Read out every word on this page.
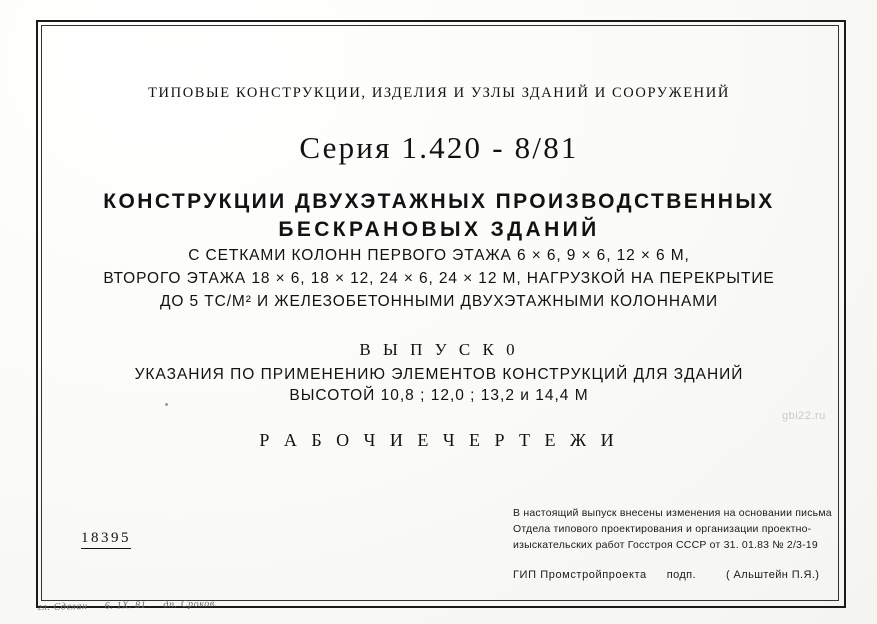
ТИПОВЫЕ КОНСТРУКЦИИ, ИЗДЕЛИЯ И УЗЛЫ ЗДАНИЙ И СООРУЖЕНИЙ
Серия 1.420 - 8/81
КОНСТРУКЦИИ ДВУХЭТАЖНЫХ ПРОИЗВОДСТВЕННЫХ
БЕСКРАНОВЫХ ЗДАНИЙ
С СЕТКАМИ КОЛОНН ПЕРВОГО ЭТАЖА 6 × 6, 9 × 6, 12 × 6 М,
ВТОРОГО ЭТАЖА 18 × 6, 18 × 12, 24 × 6, 24 × 12 М, НАГРУЗКОЙ НА ПЕРЕКРЫТИЕ
ДО 5 ТС/М² И ЖЕЛЕЗОБЕТОННЫМИ ДВУХЭТАЖНЫМИ КОЛОННАМИ
В Ы П У С К 0
УКАЗАНИЯ ПО ПРИМЕНЕНИЮ ЭЛЕМЕНТОВ КОНСТРУКЦИЙ ДЛЯ ЗДАНИЙ
ВЫСОТОЙ 10,8 ; 12,0 ; 13,2 и 14,4 М
Р А Б О Ч И Е Ч Е Р Т Е Ж И
18395
В настоящий выпуск внесены изменения на основании письма
Отдела типового проектирования и организации проектно-
изыскательских работ Госстроя СССР от 31. 01.83 № 2/3-19
ГИП Промстройпроекта подп.	( Альштейн П.Я.)
гл. Сделан 6. 1X. 81 дп. Сроков.
gbi22.ru
